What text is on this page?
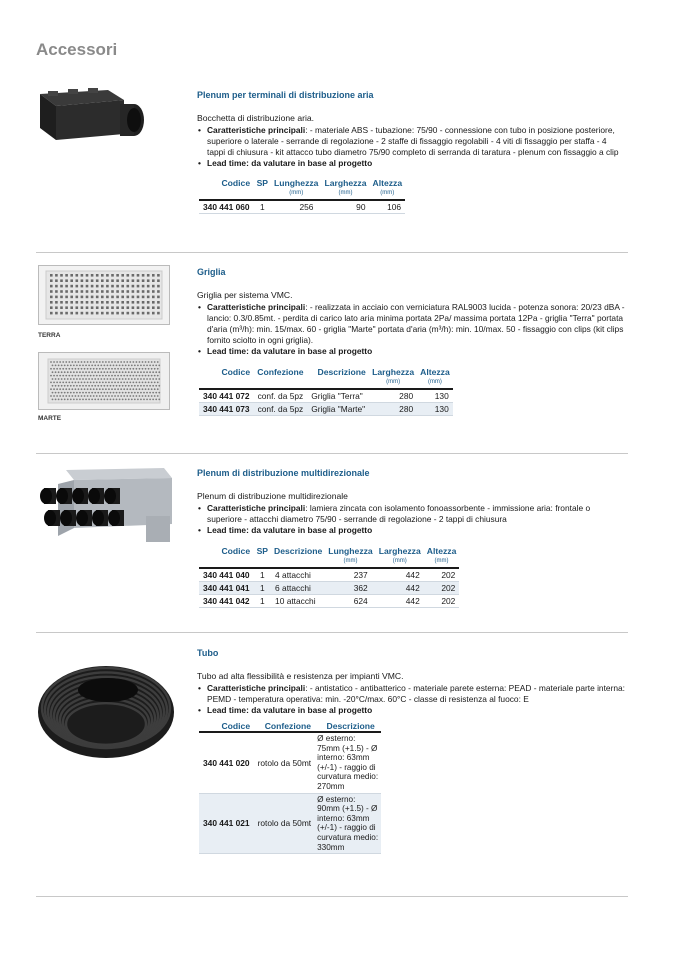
Accessori
Plenum per terminali di distribuzione aria
Bocchetta di distribuzione aria.
• Caratteristiche principali: - materiale ABS - tubazione: 75/90 - connessione con tubo in posizione posteriore, superiore o laterale - serrande di regolazione - 2 staffe di fissaggio regolabili - 4 viti di fissaggio per staffa - 4 tappi di chiusura - kit attacco tubo diametro 75/90 completo di serranda di taratura - plenum con fissaggio a clip
• Lead time: da valutare in base al progetto
Codice	SP	Lunghezza	Larghezza	Altezza
		(mm)	(mm)	(mm)
340 441 060	1	256	90	106
TERRA
MARTE
Griglia
Griglia per sistema VMC.
• Caratteristiche principali: - realizzata in acciaio con verniciatura RAL9003 lucida - potenza sonora: 20/23 dBA - lancio: 0.3/0.85mt. - perdita di carico lato aria minima portata 2Pa/ massima portata 12Pa - griglia "Terra" portata d'aria (m³/h): min. 15/max. 60 - griglia "Marte" portata d'aria (m³/h): min. 10/max. 50 - fissaggio con clips (kit clips fornito sciolto in ogni griglia).
• Lead time: da valutare in base al progetto
Codice	Confezione	Descrizione	Larghezza	Altezza
			(mm)	(mm)
340 441 072	conf. da 5pz	Griglia "Terra"	280	130
340 441 073	conf. da 5pz	Griglia "Marte"	280	130
Plenum di distribuzione multidirezionale
Plenum di distribuzione multidirezionale
• Caratteristiche principali: lamiera zincata con isolamento fonoassorbente - immissione aria: frontale o superiore - attacchi diametro 75/90 - serrande di regolazione - 2 tappi di chiusura
• Lead time: da valutare in base al progetto
Codice	SP	Descrizione	Lunghezza	Larghezza	Altezza
			(mm)	(mm)	(mm)
340 441 040	1	4 attacchi	237	442	202
340 441 041	1	6 attacchi	362	442	202
340 441 042	1	10 attacchi	624	442	202
Tubo
Tubo ad alta flessibilità e resistenza per impianti VMC.
• Caratteristiche principali: - antistatico - antibatterico - materiale parete esterna: PEAD - materiale parte interna: PEMD - temperatura operativa: min. -20°C/max. 60°C - classe di resistenza al fuoco: E
• Lead time: da valutare in base al progetto
Codice	Confezione	Descrizione
340 441 020	rotolo da 50mt	Ø esterno: 75mm (+1.5) - Ø interno: 63mm (+/-1) - raggio di curvatura medio: 270mm
340 441 021	rotolo da 50mt	Ø esterno: 90mm (+1.5) - Ø interno: 63mm (+/-1) - raggio di curvatura medio: 330mm
